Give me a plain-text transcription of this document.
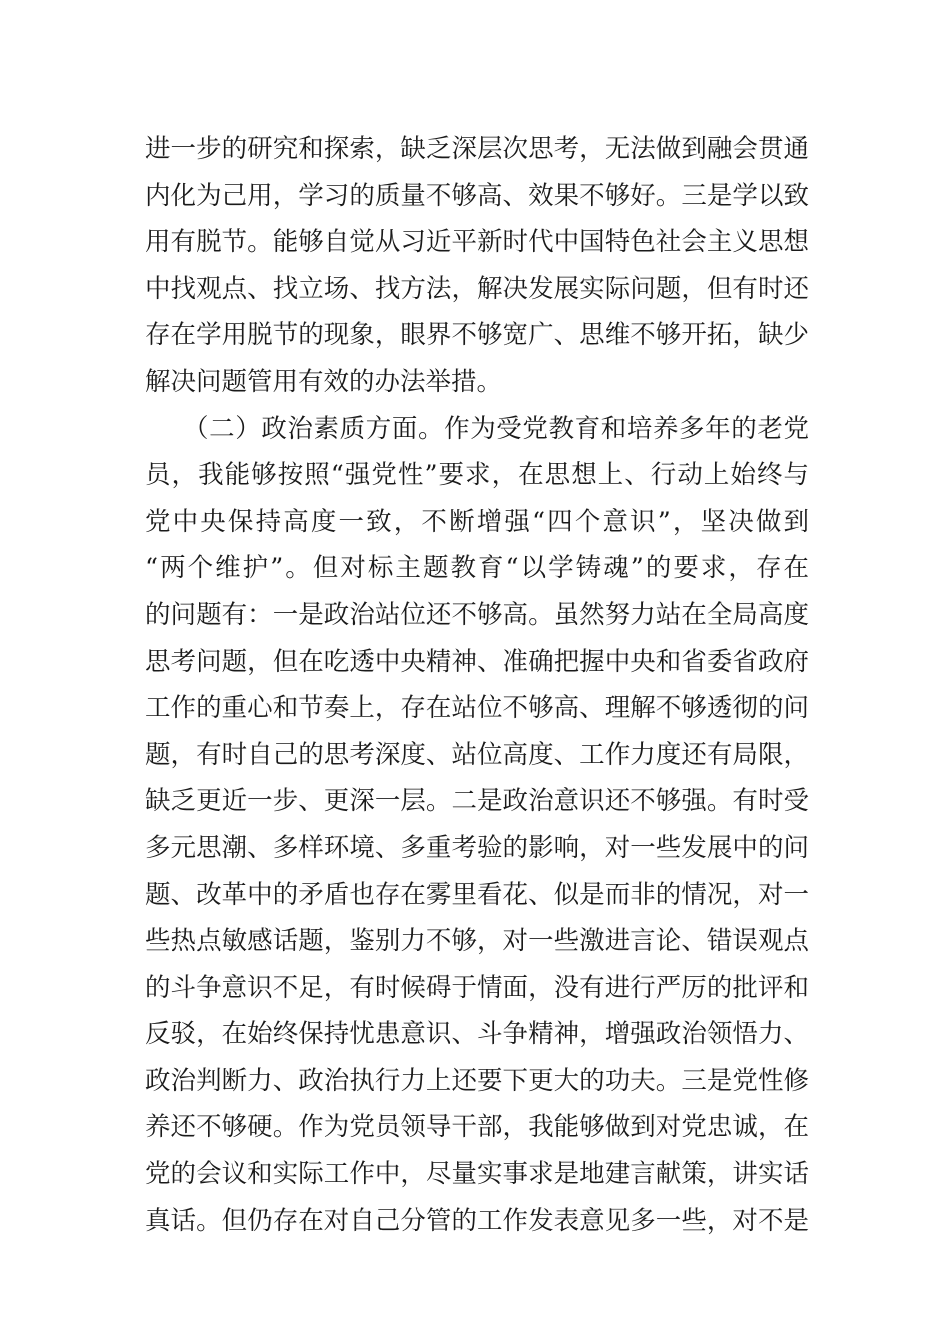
进一步的研究和探索，缺乏深层次思考，无法做到融会贯通
内化为己用，学习的质量不够高、效果不够好。三是学以致
用有脱节。能够自觉从习近平新时代中国特色社会主义思想
中找观点、找立场、找方法，解决发展实际问题，但有时还
存在学用脱节的现象，眼界不够宽广、思维不够开拓，缺少
解决问题管用有效的办法举措。
（二）政治素质方面。作为受党教育和培养多年的老党
员，我能够按照“强党性”要求，在思想上、行动上始终与
党中央保持高度一致，不断增强“四个意识”，坚决做到
“两个维护”。但对标主题教育“以学铸魂”的要求，存在
的问题有：一是政治站位还不够高。虽然努力站在全局高度
思考问题，但在吃透中央精神、准确把握中央和省委省政府
工作的重心和节奏上，存在站位不够高、理解不够透彻的问
题，有时自己的思考深度、站位高度、工作力度还有局限，
缺乏更近一步、更深一层。二是政治意识还不够强。有时受
多元思潮、多样环境、多重考验的影响，对一些发展中的问
题、改革中的矛盾也存在雾里看花、似是而非的情况，对一
些热点敏感话题，鉴别力不够，对一些激进言论、错误观点
的斗争意识不足，有时候碍于情面，没有进行严厉的批评和
反驳，在始终保持忧患意识、斗争精神，增强政治领悟力、
政治判断力、政治执行力上还要下更大的功夫。三是党性修
养还不够硬。作为党员领导干部，我能够做到对党忠诚，在
党的会议和实际工作中，尽量实事求是地建言献策，讲实话
真话。但仍存在对自己分管的工作发表意见多一些，对不是
